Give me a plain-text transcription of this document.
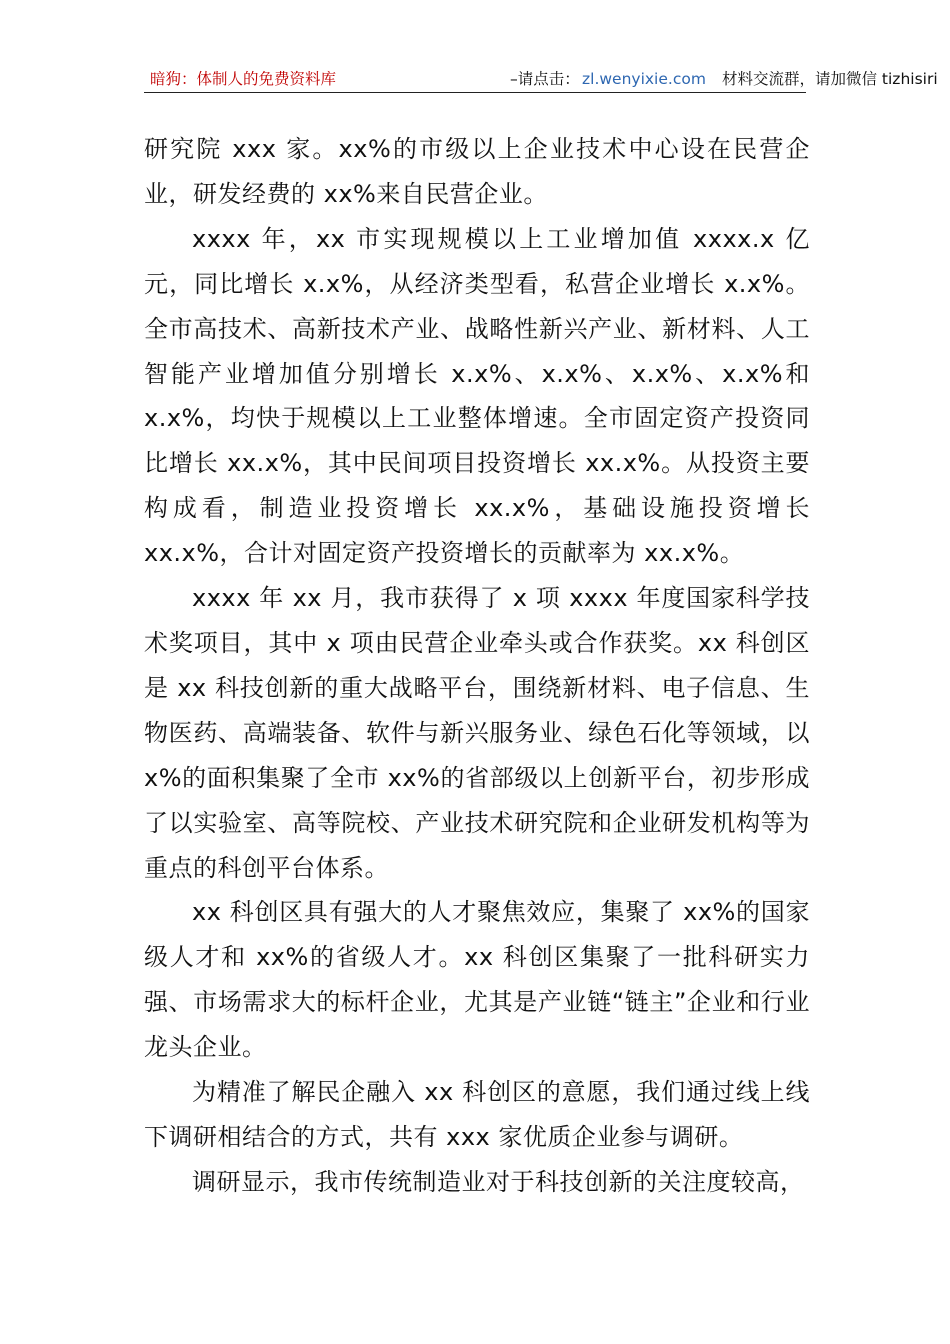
暗狗：体制人的免费资料库	–请点击： zl.wenyixie.com 材料交流群，请加微信 tizhisiri

研究院 xxx 家。xx%的市级以上企业技术中心设在民营企业，研发经费的 xx%来自民营企业。

xxxx 年，xx 市实现规模以上工业增加值 xxxx.x 亿元，同比增长 x.x%，从经济类型看，私营企业增长 x.x%。全市高技术、高新技术产业、战略性新兴产业、新材料、人工智能产业增加值分别增长 x.x%、x.x%、x.x%、x.x%和 x.x%，均快于规模以上工业整体增速。全市固定资产投资同比增长 xx.x%，其中民间项目投资增长 xx.x%。从投资主要构成看，制造业投资增长 xx.x%，基础设施投资增长 xx.x%，合计对固定资产投资增长的贡献率为 xx.x%。

xxxx 年 xx 月，我市获得了 x 项 xxxx 年度国家科学技术奖项目，其中 x 项由民营企业牵头或合作获奖。xx 科创区是 xx 科技创新的重大战略平台，围绕新材料、电子信息、生物医药、高端装备、软件与新兴服务业、绿色石化等领域，以 x%的面积集聚了全市 xx%的省部级以上创新平台，初步形成了以实验室、高等院校、产业技术研究院和企业研发机构等为重点的科创平台体系。

xx 科创区具有强大的人才聚焦效应，集聚了 xx%的国家级人才和 xx%的省级人才。xx 科创区集聚了一批科研实力强、市场需求大的标杆企业，尤其是产业链“链主”企业和行业龙头企业。

为精准了解民企融入 xx 科创区的意愿，我们通过线上线下调研相结合的方式，共有 xxx 家优质企业参与调研。

调研显示，我市传统制造业对于科技创新的关注度较高，
